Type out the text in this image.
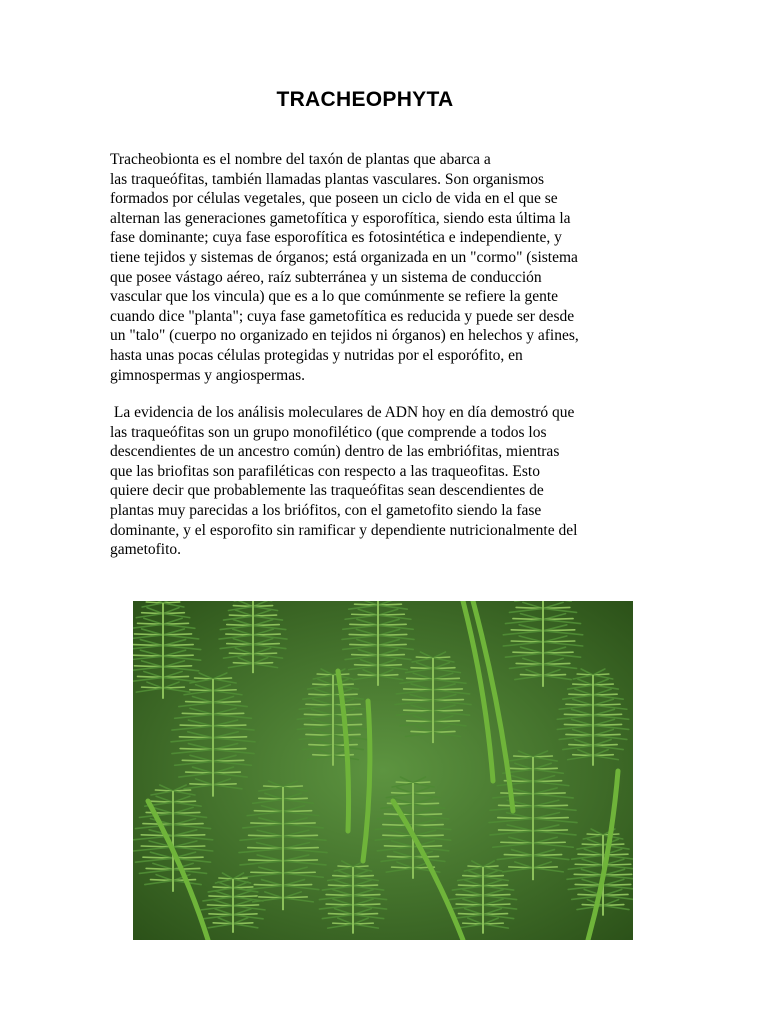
TRACHEOPHYTA
Tracheobionta es el nombre del taxón de plantas que abarca a
las traqueófitas, también llamadas plantas vasculares. Son organismos
formados por células vegetales, que poseen un ciclo de vida en el que se
alternan las generaciones gametofítica y esporofítica, siendo esta última la
fase dominante; cuya fase esporofítica es fotosintética e independiente, y
tiene tejidos y sistemas de órganos; está organizada en un "cormo" (sistema
que posee vástago aéreo, raíz subterránea y un sistema de conducción
vascular que los vincula) que es a lo que comúnmente se refiere la gente
cuando dice "planta"; cuya fase gametofítica es reducida y puede ser desde
un "talo" (cuerpo no organizado en tejidos ni órganos) en helechos y afines,
hasta unas pocas células protegidas y nutridas por el esporófito, en
gimnospermas y angiospermas.
La evidencia de los análisis moleculares de ADN hoy en día demostró que
las traqueófitas son un grupo monofilético (que comprende a todos los
descendientes de un ancestro común) dentro de las embriófitas, mientras
que las briofitas son parafiléticas con respecto a las traqueofitas. Esto
quiere decir que probablemente las traqueófitas sean descendientes de
plantas muy parecidas a los briófitos, con el gametofito siendo la fase
dominante, y el esporofito sin ramificar y dependiente nutricionalmente del
gametofito.
